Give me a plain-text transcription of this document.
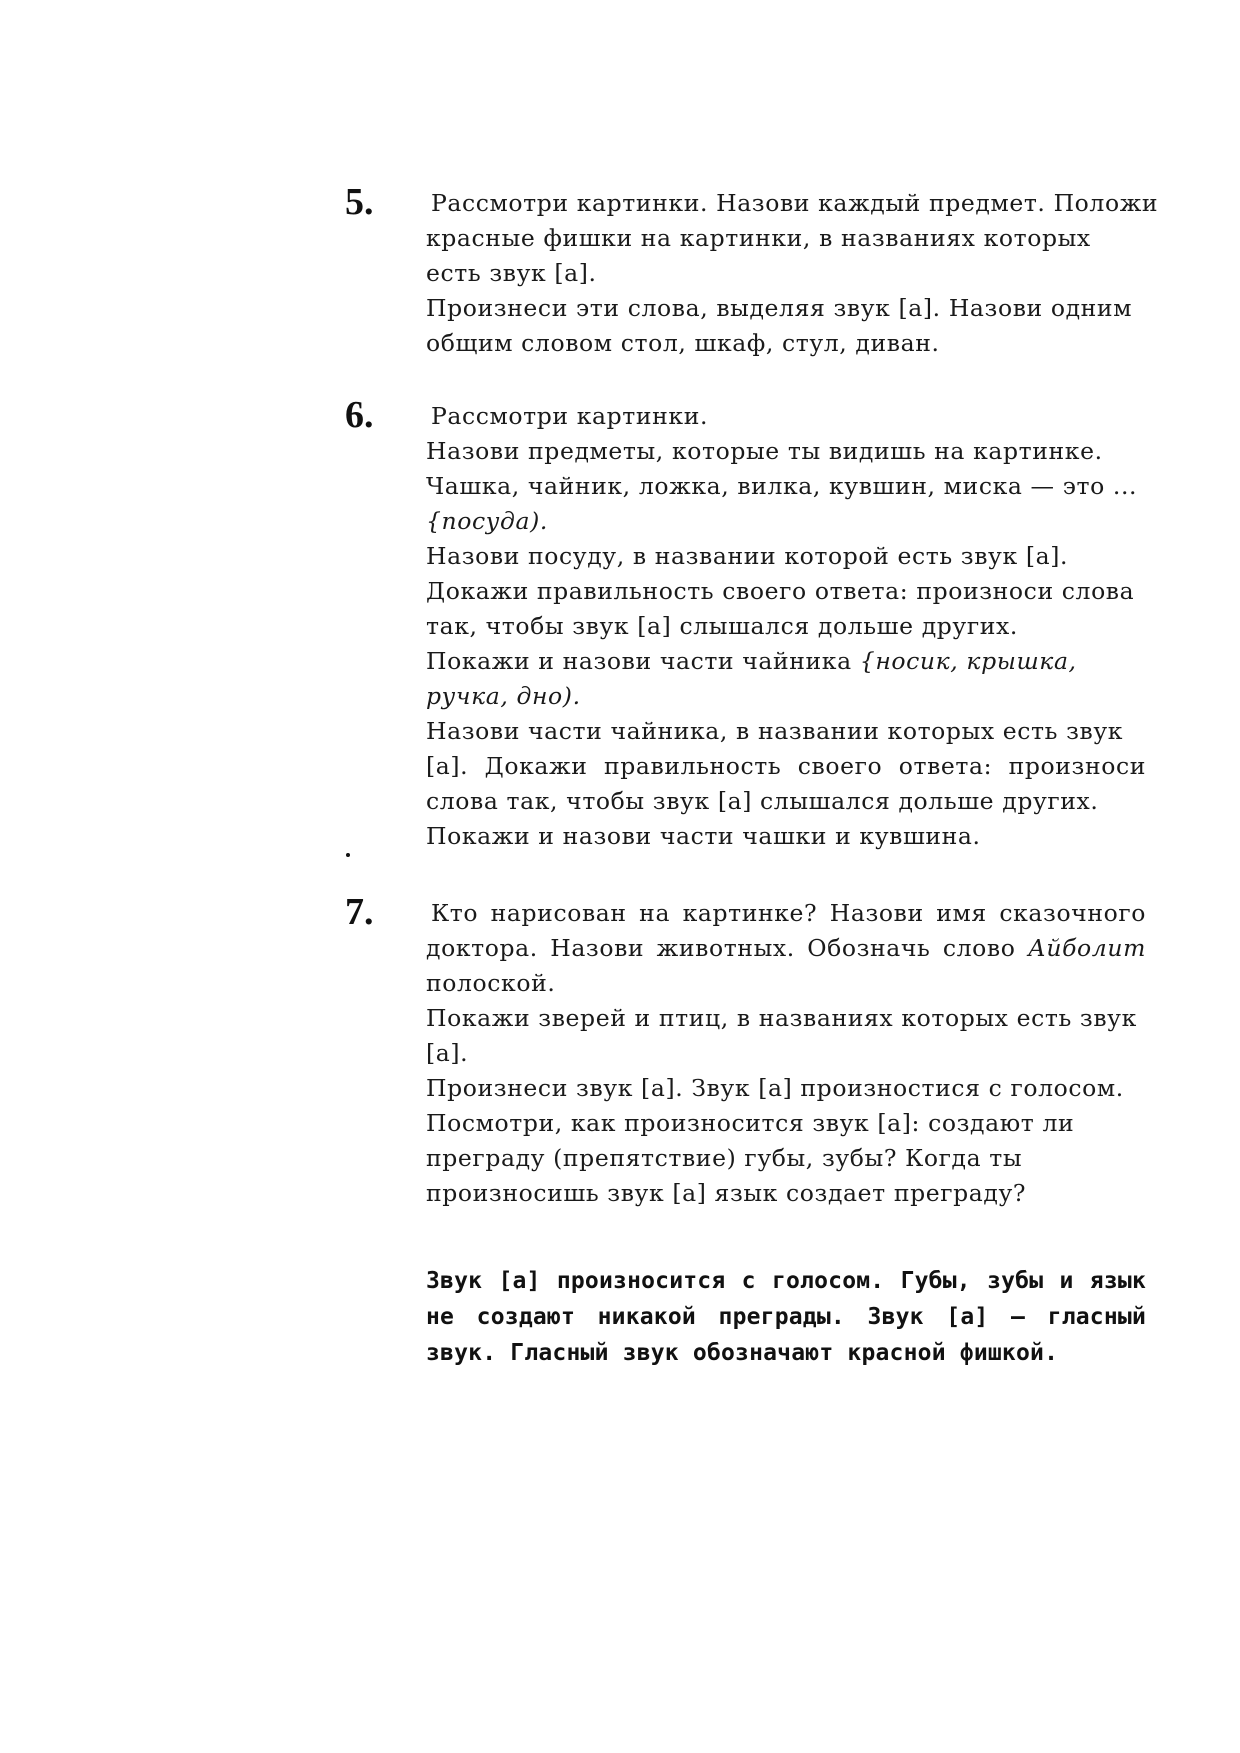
5. Рассмотри картинки. Назови каждый предмет. Положи
красные фишки на картинки, в названиях которых
есть звук [а].
Произнеси эти слова, выделяя звук [а]. Назови одним
общим словом стол, шкаф, стул, диван.
6. Рассмотри картинки.
Назови предметы, которые ты видишь на картинке.
Чашка, чайник, ложка, вилка, кувшин, миска — это ...
{посуда).
Назови посуду, в названии которой есть звук [а].
Докажи правильность своего ответа: произноси слова
так, чтобы звук [а] слышался дольше других.
Покажи и назови части чайника {носик, крышка,
ручка, дно).
Назови части чайника, в названии которых есть звук
[а]. Докажи правильность своего ответа: произноси
слова так, чтобы звук [а] слышался дольше других.
Покажи и назови части чашки и кувшина.
7. Кто нарисован на картинке? Назови имя сказочного
доктора. Назови животных. Обозначь слово Айболит
полоской.
Покажи зверей и птиц, в названиях которых есть звук
[а].
Произнеси звук [а]. Звук [а] произностися с голосом.
Посмотри, как произносится звук [а]: создают ли
преграду (препятствие) губы, зубы? Когда ты
произносишь звук [а] язык создает преграду?
Звук [а] произносится с голосом. Губы, зубы и язык
не создают никакой преграды. Звук [а] — гласный
звук. Гласный звук обозначают красной фишкой.
